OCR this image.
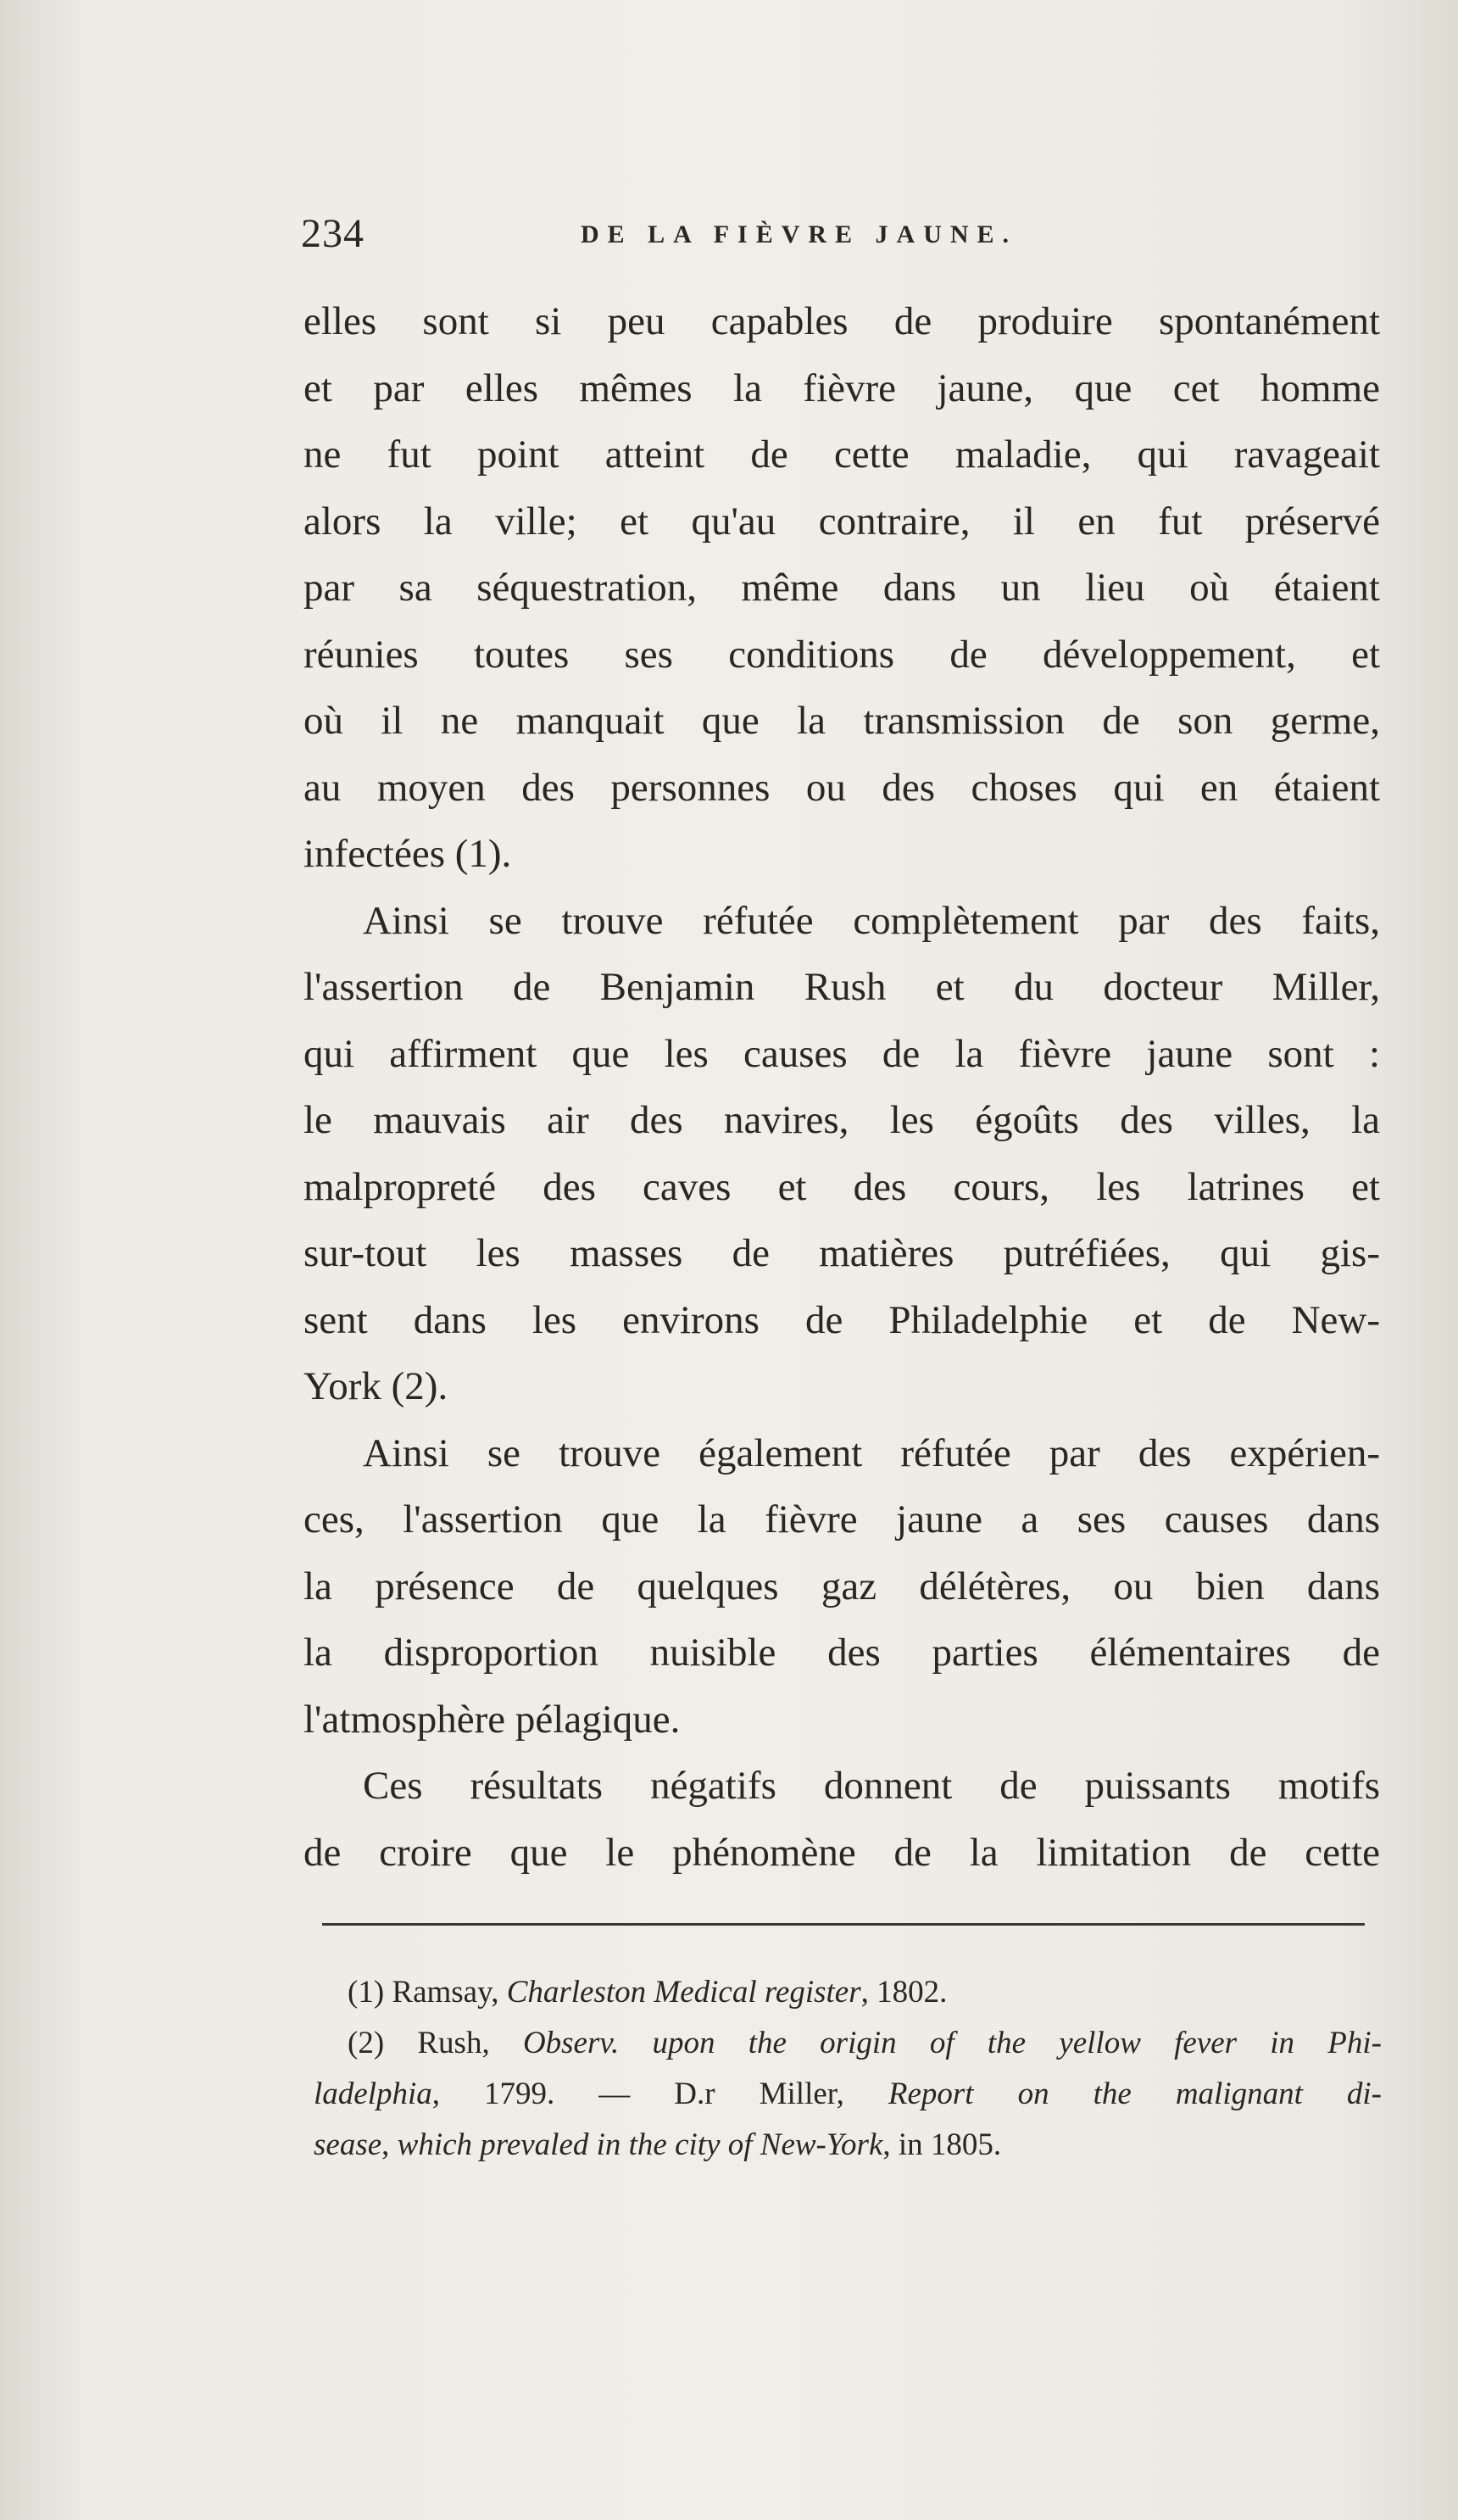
234	DE LA FIÈVRE JAUNE.
elles sont si peu capables de produire spontanément
et par elles mêmes la fièvre jaune, que cet homme
ne fut point atteint de cette maladie, qui ravageait
alors la ville; et qu'au contraire, il en fut préservé
par sa séquestration, même dans un lieu où étaient
réunies toutes ses conditions de développement, et
où il ne manquait que la transmission de son germe,
au moyen des personnes ou des choses qui en étaient
infectées (1).
Ainsi se trouve réfutée complètement par des faits,
l'assertion de Benjamin Rush et du docteur Miller,
qui affirment que les causes de la fièvre jaune sont :
le mauvais air des navires, les égoûts des villes, la
malpropreté des caves et des cours, les latrines et
sur-tout les masses de matières putréfiées, qui gis-
sent dans les environs de Philadelphie et de New-
York (2).
Ainsi se trouve également réfutée par des expérien-
ces, l'assertion que la fièvre jaune a ses causes dans
la présence de quelques gaz délétères, ou bien dans
la disproportion nuisible des parties élémentaires de
l'atmosphère pélagique.
Ces résultats négatifs donnent de puissants motifs
de croire que le phénomène de la limitation de cette
(1) Ramsay, Charleston Medical register, 1802.
(2) Rush, Observ. upon the origin of the yellow fever in Phi-
ladelphia, 1799. — D.r Miller, Report on the malignant di-
sease, which prevaled in the city of New-York, in 1805.
